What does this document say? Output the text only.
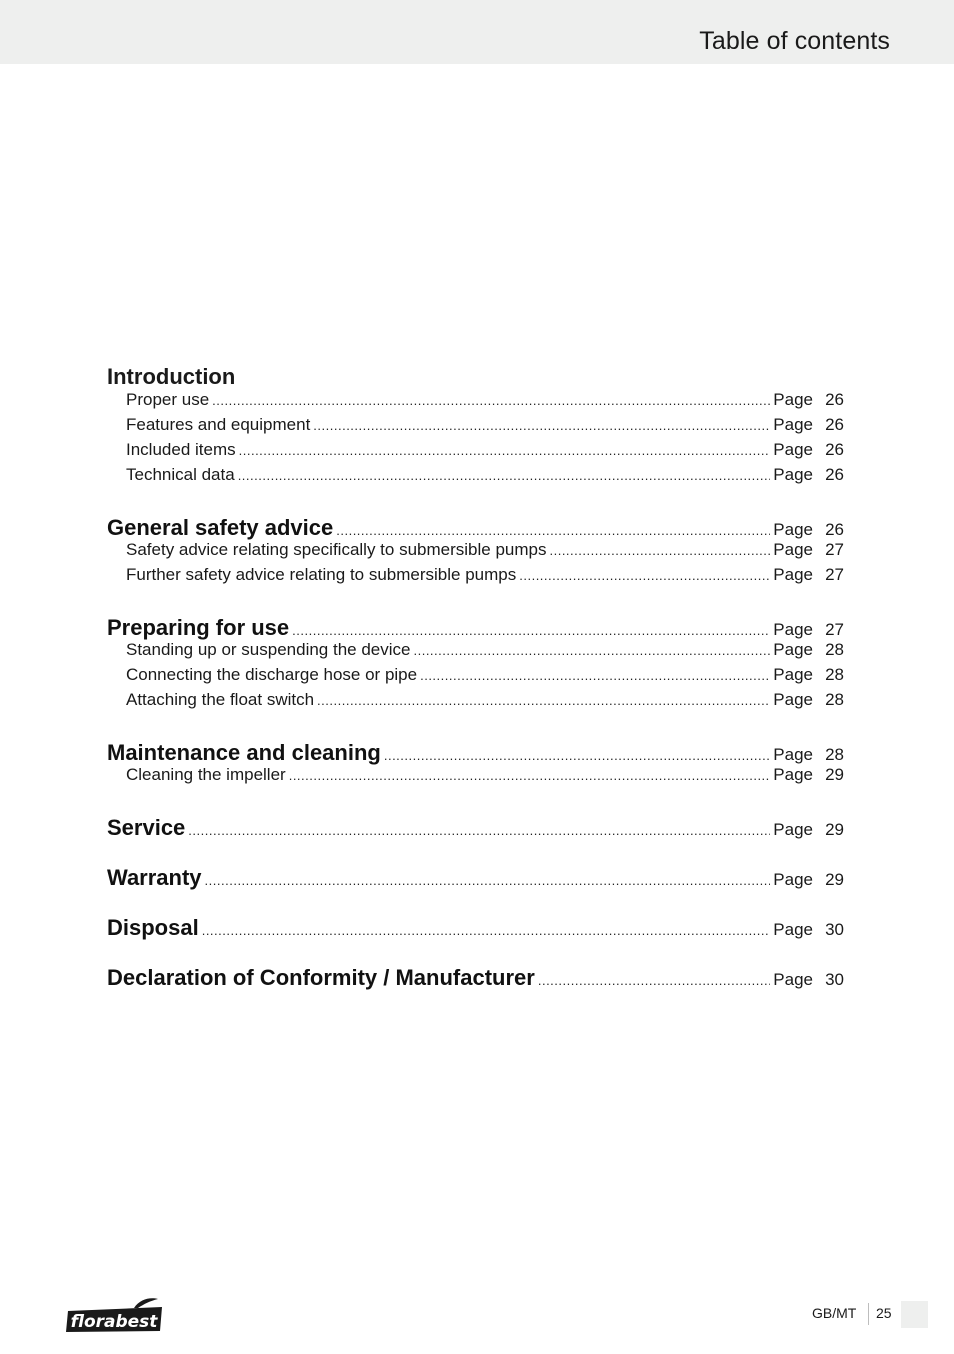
Table of contents
Introduction
Proper use .....	Page 26
Features and equipment .....	Page 26
Included items .....	Page 26
Technical data .....	Page 26
General safety advice .....	Page 26
Safety advice relating specifically to submersible pumps .....	Page 27
Further safety advice relating to submersible pumps .....	Page 27
Preparing for use .....	Page 27
Standing up or suspending the device .....	Page 28
Connecting the discharge hose or pipe .....	Page 28
Attaching the float switch .....	Page 28
Maintenance and cleaning .....	Page 28
Cleaning the impeller .....	Page 29
Service .....	Page 29
Warranty .....	Page 29
Disposal .....	Page 30
Declaration of Conformity / Manufacturer .....	Page 30
florabest	GB/MT 25
